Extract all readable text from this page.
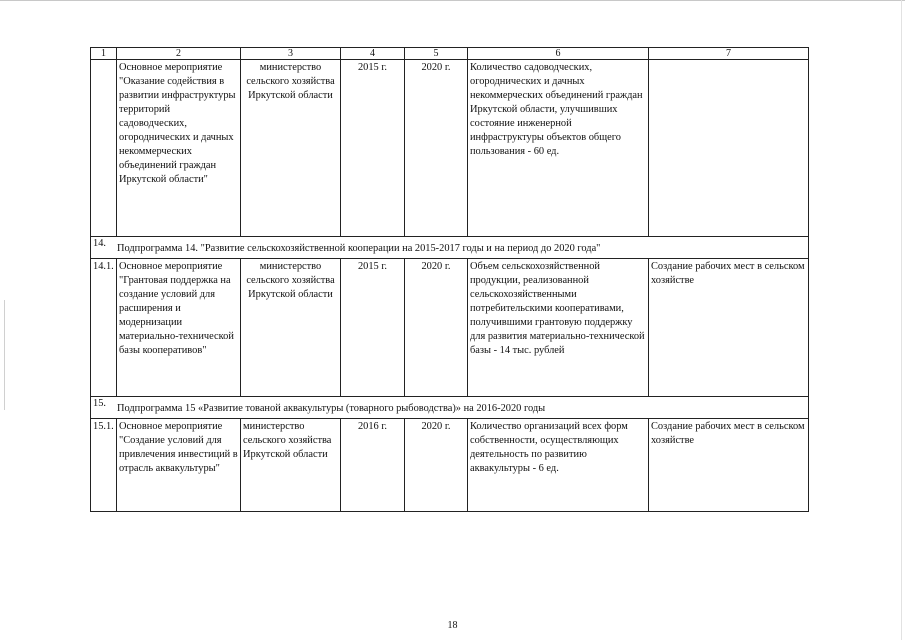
1	2	3	4	5	6	7
	Основное мероприятие "Оказание содействия в развитии инфраструктуры территорий садоводческих, огороднических и дачных некоммерческих объединений граждан Иркутской области"	министерство сельского хозяйства Иркутской области	2015 г.	2020 г.	Количество садоводческих, огороднических и дачных некоммерческих объединений граждан Иркутской области, улучшивших состояние инженерной инфраструктуры объектов общего пользования - 60 ед.	
14. Подпрограмма 14. "Развитие сельскохозяйственной кооперации на 2015-2017 годы и на период до 2020 года"						
14.1.	Основное мероприятие "Грантовая поддержка на создание условий для расширения и модернизации материально-технической базы кооперативов"	министерство сельского хозяйства Иркутской области	2015 г.	2020 г.	Объем сельскохозяйственной продукции, реализованной сельскохозяйственными потребительскими кооперативами, получившими грантовую поддержку для развития материально-технической базы - 14 тыс. рублей	Создание рабочих мест в сельском хозяйстве
15. Подпрограмма 15 «Развитие тованой аквакультуры (товарного рыбоводства)» на 2016-2020 годы						
15.1.	Основное мероприятие "Создание условий для привлечения инвестиций в отрасль аквакультуры"	министерство сельского хозяйства Иркутской области	2016 г.	2020 г.	Количество организаций всех форм собственности, осуществляющих деятельность по развитию аквакультуры - 6 ед.	Создание рабочих мест в сельском хозяйстве
18
